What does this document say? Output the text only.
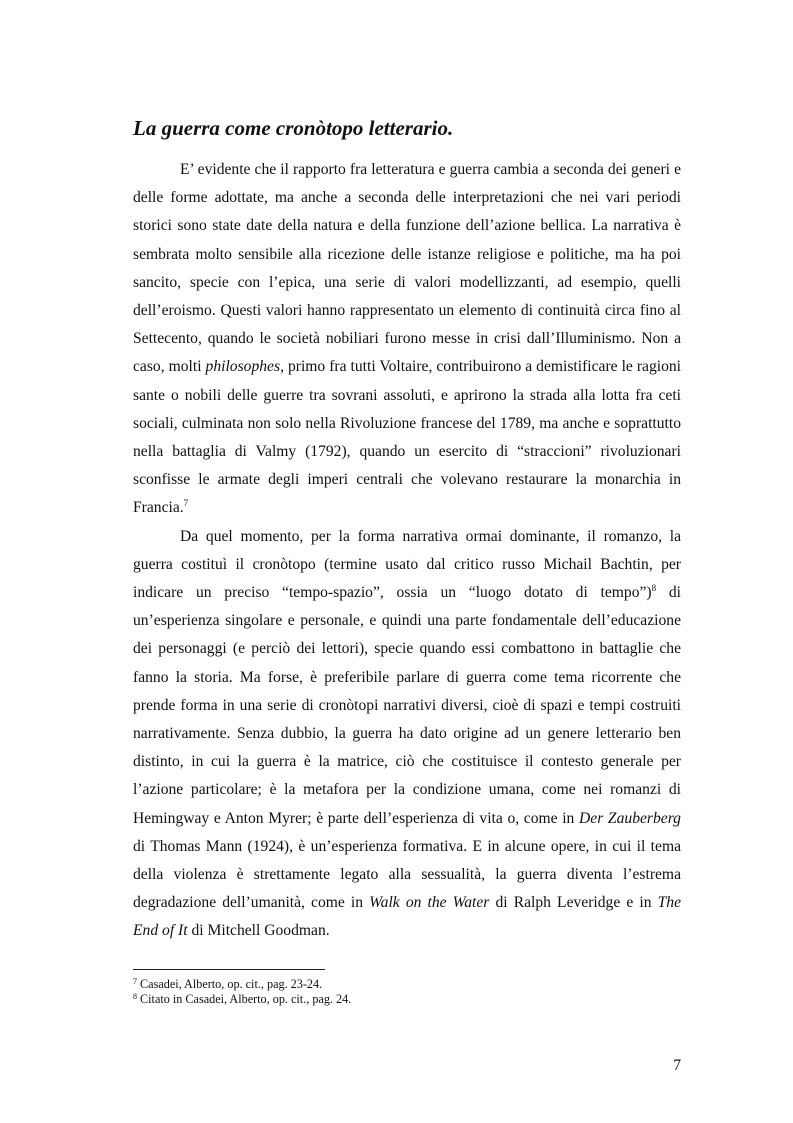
La guerra come cronòtopo letterario.

E’ evidente che il rapporto fra letteratura e guerra cambia a seconda dei generi e delle forme adottate, ma anche a seconda delle interpretazioni che nei vari periodi storici sono state date della natura e della funzione dell’azione bellica. La narrativa è sembrata molto sensibile alla ricezione delle istanze religiose e politiche, ma ha poi sancito, specie con l’epica, una serie di valori modellizzanti, ad esempio, quelli dell’eroismo. Questi valori hanno rappresentato un elemento di continuità circa fino al Settecento, quando le società nobiliari furono messe in crisi dall’Illuminismo. Non a caso, molti philosophes, primo fra tutti Voltaire, contribuirono a demistificare le ragioni sante o nobili delle guerre tra sovrani assoluti, e aprirono la strada alla lotta fra ceti sociali, culminata non solo nella Rivoluzione francese del 1789, ma anche e soprattutto nella battaglia di Valmy (1792), quando un esercito di “straccioni” rivoluzionari sconfisse le armate degli imperi centrali che volevano restaurare la monarchia in Francia.$^7$

Da quel momento, per la forma narrativa ormai dominante, il romanzo, la guerra costituì il cronòtopo (termine usato dal critico russo Michail Bachtin, per indicare un preciso “tempo-spazio”, ossia un “luogo dotato di tempo”)$^8$ di un’esperienza singolare e personale, e quindi una parte fondamentale dell’educazione dei personaggi (e perciò dei lettori), specie quando essi combattono in battaglie che fanno la storia. Ma forse, è preferibile parlare di guerra come tema ricorrente che prende forma in una serie di cronòtopi narrativi diversi, cioè di spazi e tempi costruiti narrativamente. Senza dubbio, la guerra ha dato origine ad un genere letterario ben distinto, in cui la guerra è la matrice, ciò che costituisce il contesto generale per l’azione particolare; è la metafora per la condizione umana, come nei romanzi di Hemingway e Anton Myrer; è parte dell’esperienza di vita o, come in Der Zauberberg di Thomas Mann (1924), è un’esperienza formativa. E in alcune opere, in cui il tema della violenza è strettamente legato alla sessualità, la guerra diventa l’estrema degradazione dell’umanità, come in Walk on the Water di Ralph Leveridge e in The End of It di Mitchell Goodman.

$^7$ Casadei, Alberto, op. cit., pag. 23-24.

$^8$ Citato in Casadei, Alberto, op. cit., pag. 24.

7
